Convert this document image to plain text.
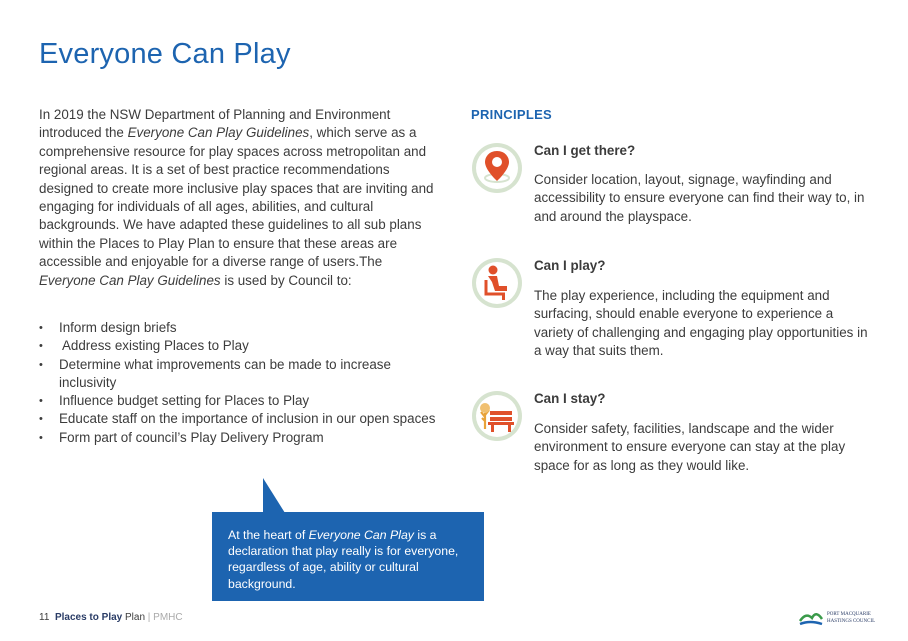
Everyone Can Play

In 2019 the NSW Department of Planning and Environment introduced the Everyone Can Play Guidelines, which serve as a comprehensive resource for play spaces across metropolitan and regional areas. It is a set of best practice recommendations designed to create more inclusive play spaces that are inviting and engaging for individuals of all ages, abilities, and cultural backgrounds. We have adapted these guidelines to all sub plans within the Places to Play Plan to ensure that these areas are accessible and enjoyable for a diverse range of users.The Everyone Can Play Guidelines is used by Council to:

• Inform design briefs
• Address existing Places to Play
• Determine what improvements can be made to increase inclusivity
• Influence budget setting for Places to Play
• Educate staff on the importance of inclusion in our open spaces
• Form part of council’s Play Delivery Program
At the heart of Everyone Can Play is a declaration that play really is for everyone, regardless of age, ability or cultural background.
PRINCIPLES
Can I get there?

Consider location, layout, signage, wayfinding and accessibility to ensure everyone can find their way to, in and around the playspace.

Can I play?

The play experience, including the equipment and surfacing, should enable everyone to experience a variety of challenging and engaging play opportunities in a way that suits them.

Can I stay?

Consider safety, facilities, landscape and the wider environment to ensure everyone can stay at the play space for as long as they would like.

11 Places to Play Plan | PMHC	PORT MACQUARIE
HASTINGS COUNCIL
